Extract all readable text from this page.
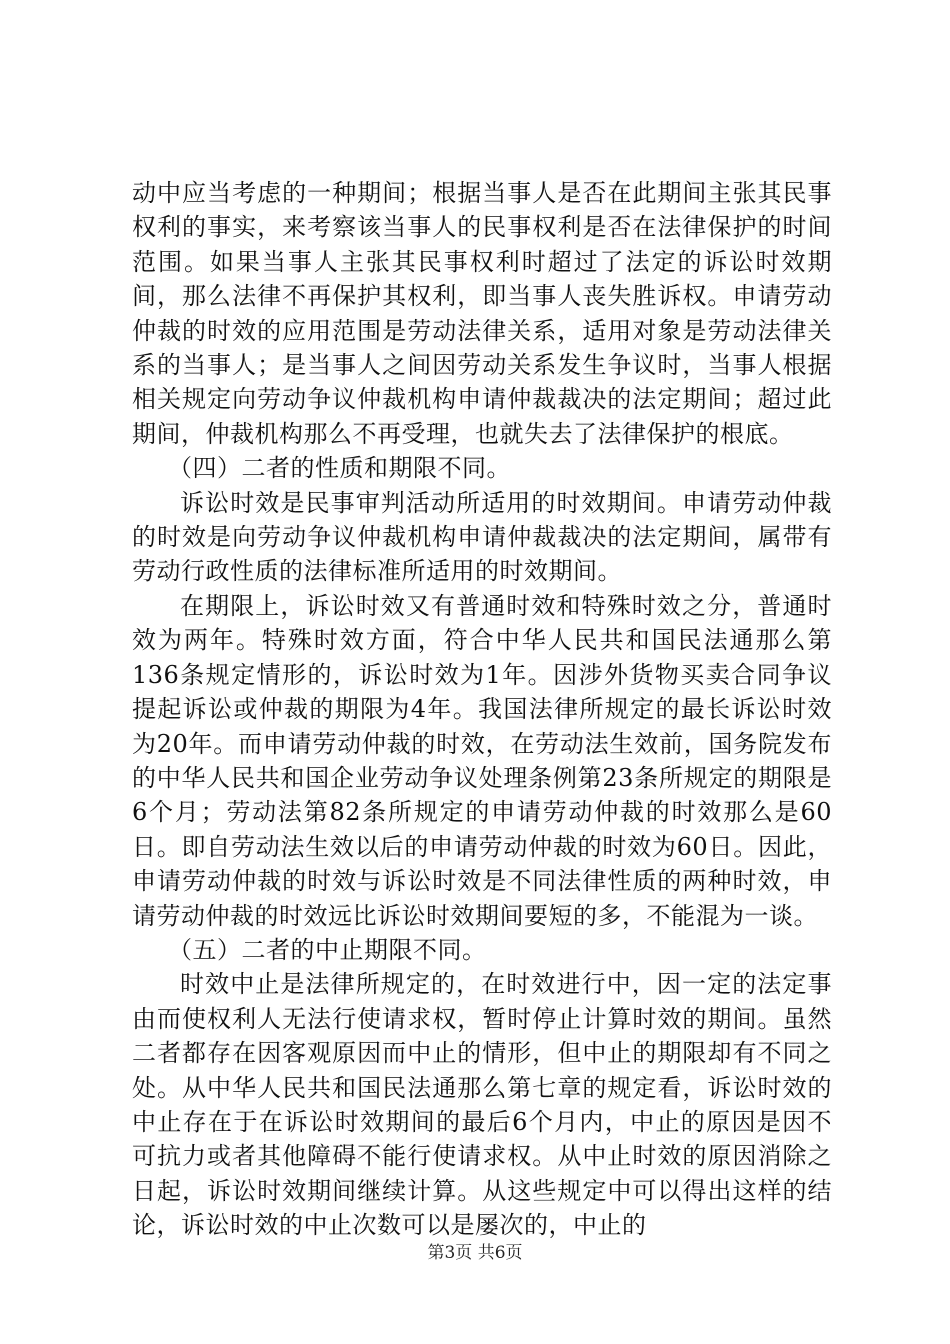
动中应当考虑的一种期间；根据当事人是否在此期间主张其民事权利的事实，来考察该当事人的民事权利是否在法律保护的时间范围。如果当事人主张其民事权利时超过了法定的诉讼时效期间，那么法律不再保护其权利，即当事人丧失胜诉权。申请劳动仲裁的时效的应用范围是劳动法律关系，适用对象是劳动法律关系的当事人；是当事人之间因劳动关系发生争议时，当事人根据相关规定向劳动争议仲裁机构申请仲裁裁决的法定期间；超过此期间，仲裁机构那么不再受理，也就失去了法律保护的根底。

（四）二者的性质和期限不同。

诉讼时效是民事审判活动所适用的时效期间。申请劳动仲裁的时效是向劳动争议仲裁机构申请仲裁裁决的法定期间，属带有劳动行政性质的法律标准所适用的时效期间。

在期限上，诉讼时效又有普通时效和特殊时效之分，普通时效为两年。特殊时效方面，符合中华人民共和国民法通那么第136条规定情形的，诉讼时效为1年。因涉外货物买卖合同争议提起诉讼或仲裁的期限为4年。我国法律所规定的最长诉讼时效为20年。而申请劳动仲裁的时效，在劳动法生效前，国务院发布的中华人民共和国企业劳动争议处理条例第23条所规定的期限是6个月；劳动法第82条所规定的申请劳动仲裁的时效那么是60日。即自劳动法生效以后的申请劳动仲裁的时效为60日。因此，申请劳动仲裁的时效与诉讼时效是不同法律性质的两种时效，申请劳动仲裁的时效远比诉讼时效期间要短的多，不能混为一谈。

（五）二者的中止期限不同。

时效中止是法律所规定的，在时效进行中，因一定的法定事由而使权利人无法行使请求权，暂时停止计算时效的期间。虽然二者都存在因客观原因而中止的情形，但中止的期限却有不同之处。从中华人民共和国民法通那么第七章的规定看，诉讼时效的中止存在于在诉讼时效期间的最后6个月内，中止的原因是因不可抗力或者其他障碍不能行使请求权。从中止时效的原因消除之日起，诉讼时效期间继续计算。从这些规定中可以得出这样的结论，诉讼时效的中止次数可以是屡次的，中止的

第3页 共6页
